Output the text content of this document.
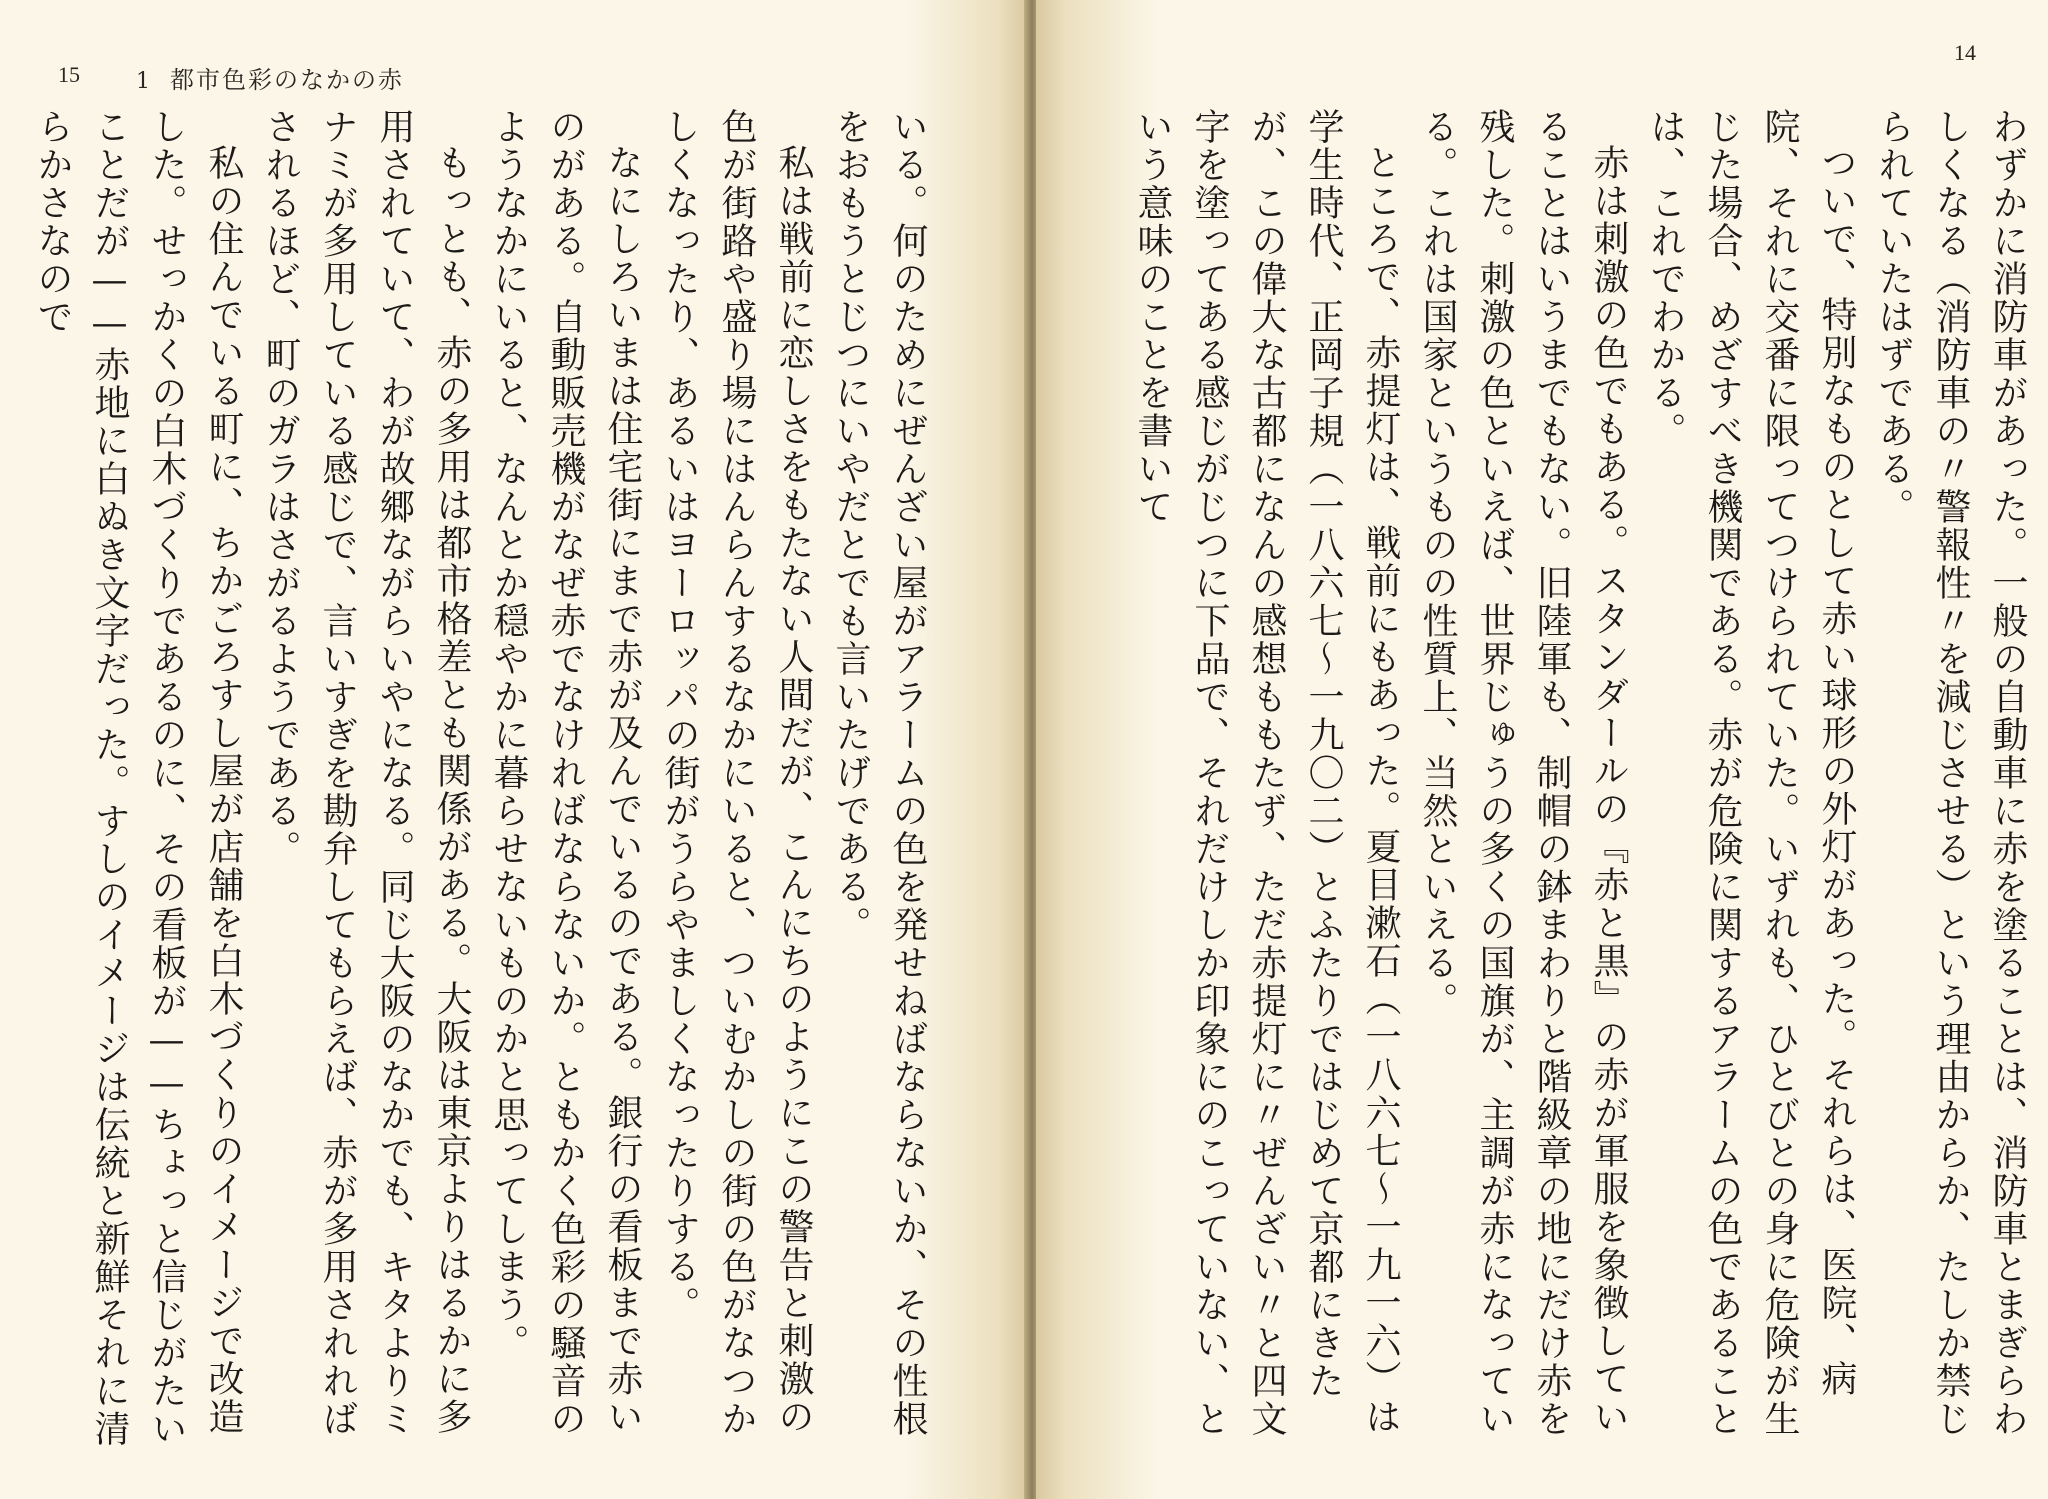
15	1 都市色彩のなかの赤

いる。何のためにぜんざい屋がアラームの色を発せねばならないか、その性根をおもうとじつにいやだとでも言いたげである。

私は戦前に恋しさをもたない人間だが、こんにちのようにこの警告と刺激の色が街路や盛り場にはんらんするなかにいると、ついむかしの街の色がなつかしくなったり、あるいはヨーロッパの街がうらやましくなったりする。

なにしろいまは住宅街にまで赤が及んでいるのである。銀行の看板まで赤いのがある。自動販売機がなぜ赤でなければならないか。ともかく色彩の騒音のようなかにいると、なんとか穏やかに暮らせないものかと思ってしまう。

もっとも、赤の多用は都市格差とも関係がある。大阪は東京よりはるかに多用されていて、わが故郷ながらいやになる。同じ大阪のなかでも、キタよりミナミが多用している感じで、言いすぎを勘弁してもらえば、赤が多用されればされるほど、町のガラはさがるようである。

私の住んでいる町に、ちかごろすし屋が店舗を白木づくりのイメージで改造した。せっかくの白木づくりであるのに、その看板が——ちょっと信じがたいことだが——赤地に白ぬき文字だった。すしのイメージは伝統と新鮮それに清らかさなので

14

わずかに消防車があった。一般の自動車に赤を塗ることは、消防車とまぎらわしくなる（消防車の〃警報性〃を減じさせる）という理由からか、たしか禁じられていたはずである。

ついで、特別なものとして赤い球形の外灯があった。それらは、医院、病院、それに交番に限ってつけられていた。いずれも、ひとびとの身に危険が生じた場合、めざすべき機関である。赤が危険に関するアラームの色であることは、これでわかる。

赤は刺激の色でもある。スタンダールの『赤と黒』の赤が軍服を象徴していることはいうまでもない。旧陸軍も、制帽の鉢まわりと階級章の地にだけ赤を残した。刺激の色といえば、世界じゅうの多くの国旗が、主調が赤になっている。これは国家というものの性質上、当然といえる。

ところで、赤提灯は、戦前にもあった。夏目漱石（一八六七〜一九一六）は学生時代、正岡子規（一八六七〜一九〇二）とふたりではじめて京都にきたが、この偉大な古都になんの感想ももたず、ただ赤提灯に〃ぜんざい〃と四文字を塗ってある感じがじつに下品で、それだけしか印象にのこっていない、という意味のことを書いて
